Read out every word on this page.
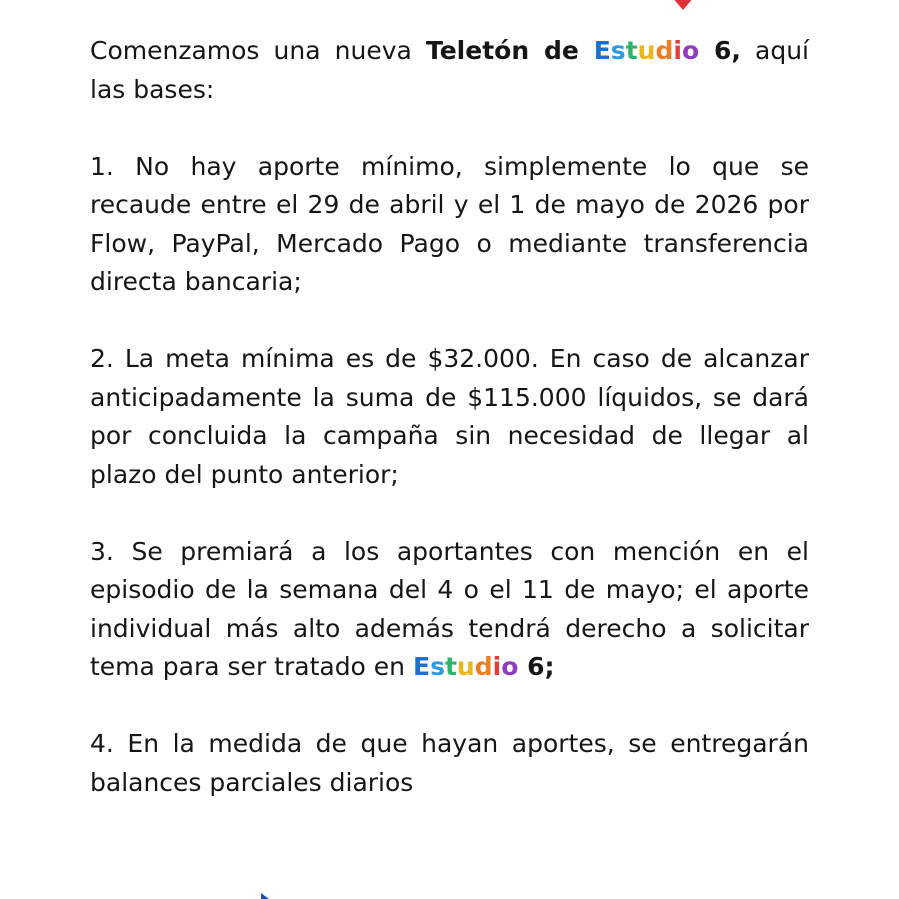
Comenzamos una nueva Teletón de Estudio 6, aquí las bases:

1. No hay aporte mínimo, simplemente lo que se recaude entre el 29 de abril y el 1 de mayo de 2026 por Flow, PayPal, Mercado Pago o mediante transferencia directa bancaria;

2. La meta mínima es de $32.000. En caso de alcanzar anticipadamente la suma de $115.000 líquidos, se dará por concluida la campaña sin necesidad de llegar al plazo del punto anterior;

3. Se premiará a los aportantes con mención en el episodio de la semana del 4 o el 11 de mayo; el aporte individual más alto además tendrá derecho a solicitar tema para ser tratado en Estudio 6;

4. En la medida de que hayan aportes, se entregarán balances parciales diarios
